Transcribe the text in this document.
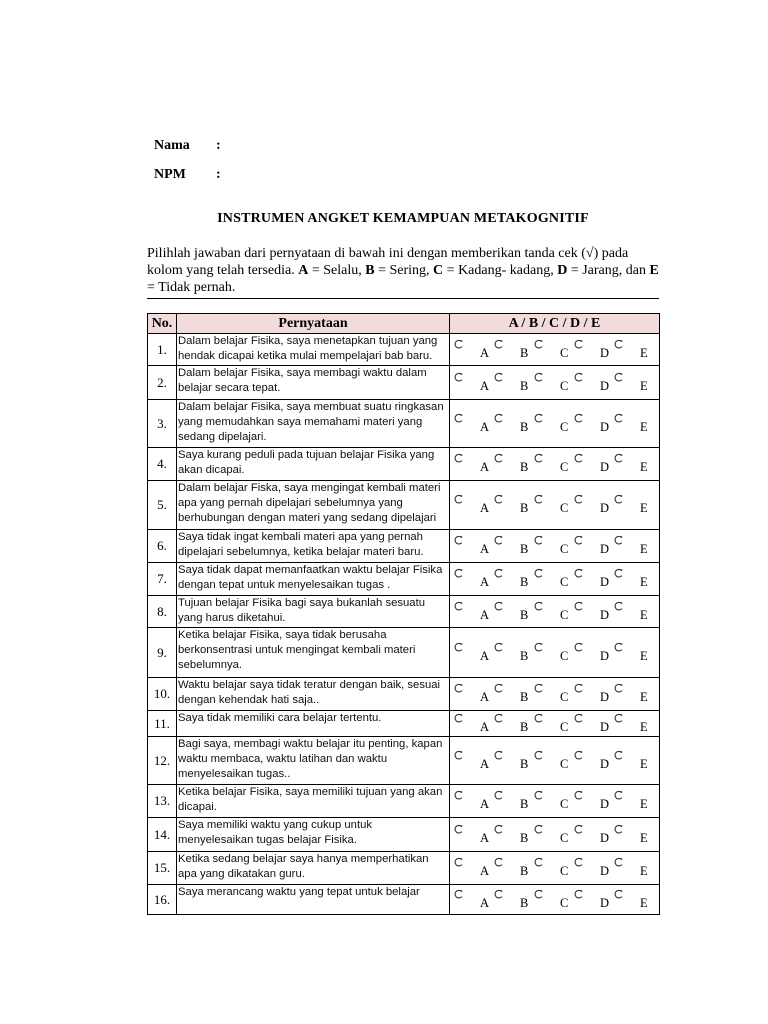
Nama :
NPM :
INSTRUMEN ANGKET KEMAMPUAN METAKOGNITIF

Pilihlah jawaban dari pernyataan di bawah ini dengan memberikan tanda cek (√) pada kolom yang telah tersedia. A = Selalu, B = Sering, C = Kadang- kadang, D = Jarang, dan E = Tidak pernah.

No.	Pernyataan	A / B / C / D / E
1.	Dalam belajar Fisika, saya menetapkan tujuan yang hendak dicapai ketika mulai mempelajari bab baru.	A B C D E

2.	Dalam belajar Fisika, saya membagi waktu dalam belajar secara tepat.	A B C D E

3.	Dalam belajar Fisika, saya membuat suatu ringkasan yang memudahkan saya memahami materi yang sedang dipelajari.	A B C D E

4.	Saya kurang peduli pada tujuan belajar Fisika yang akan dicapai.	A B C D E

5.	Dalam belajar Fiska, saya mengingat kembali materi apa yang pernah dipelajari sebelumnya yang berhubungan dengan materi yang sedang dipelajari	A B C D E

6.	Saya tidak ingat kembali materi apa yang pernah dipelajari sebelumnya, ketika belajar materi baru.	A B C D E

7.	Saya tidak dapat memanfaatkan waktu belajar Fisika dengan tepat untuk menyelesaikan tugas .	A B C D E

8.	Tujuan belajar Fisika bagi saya bukanlah sesuatu yang harus diketahui.	A B C D E

9.	Ketika belajar Fisika, saya tidak berusaha berkonsentrasi untuk mengingat kembali materi sebelumnya.	A B C D E

10.	Waktu belajar saya tidak teratur dengan baik, sesuai dengan kehendak hati saja..	A B C D E

11.	Saya tidak memiliki cara belajar tertentu.	A B C D E

12.	Bagi saya, membagi waktu belajar itu penting, kapan waktu membaca, waktu latihan dan waktu menyelesaikan tugas..	A B C D E

13.	Ketika belajar Fisika, saya memiliki tujuan yang akan dicapai.	A B C D E

14.	Saya memiliki waktu yang cukup untuk menyelesaikan tugas belajar Fisika.	A B C D E

15.	Ketika sedang belajar saya hanya memperhatikan apa yang dikatakan guru.	A B C D E

16.	Saya merancang waktu yang tepat untuk belajar	A B C D E
